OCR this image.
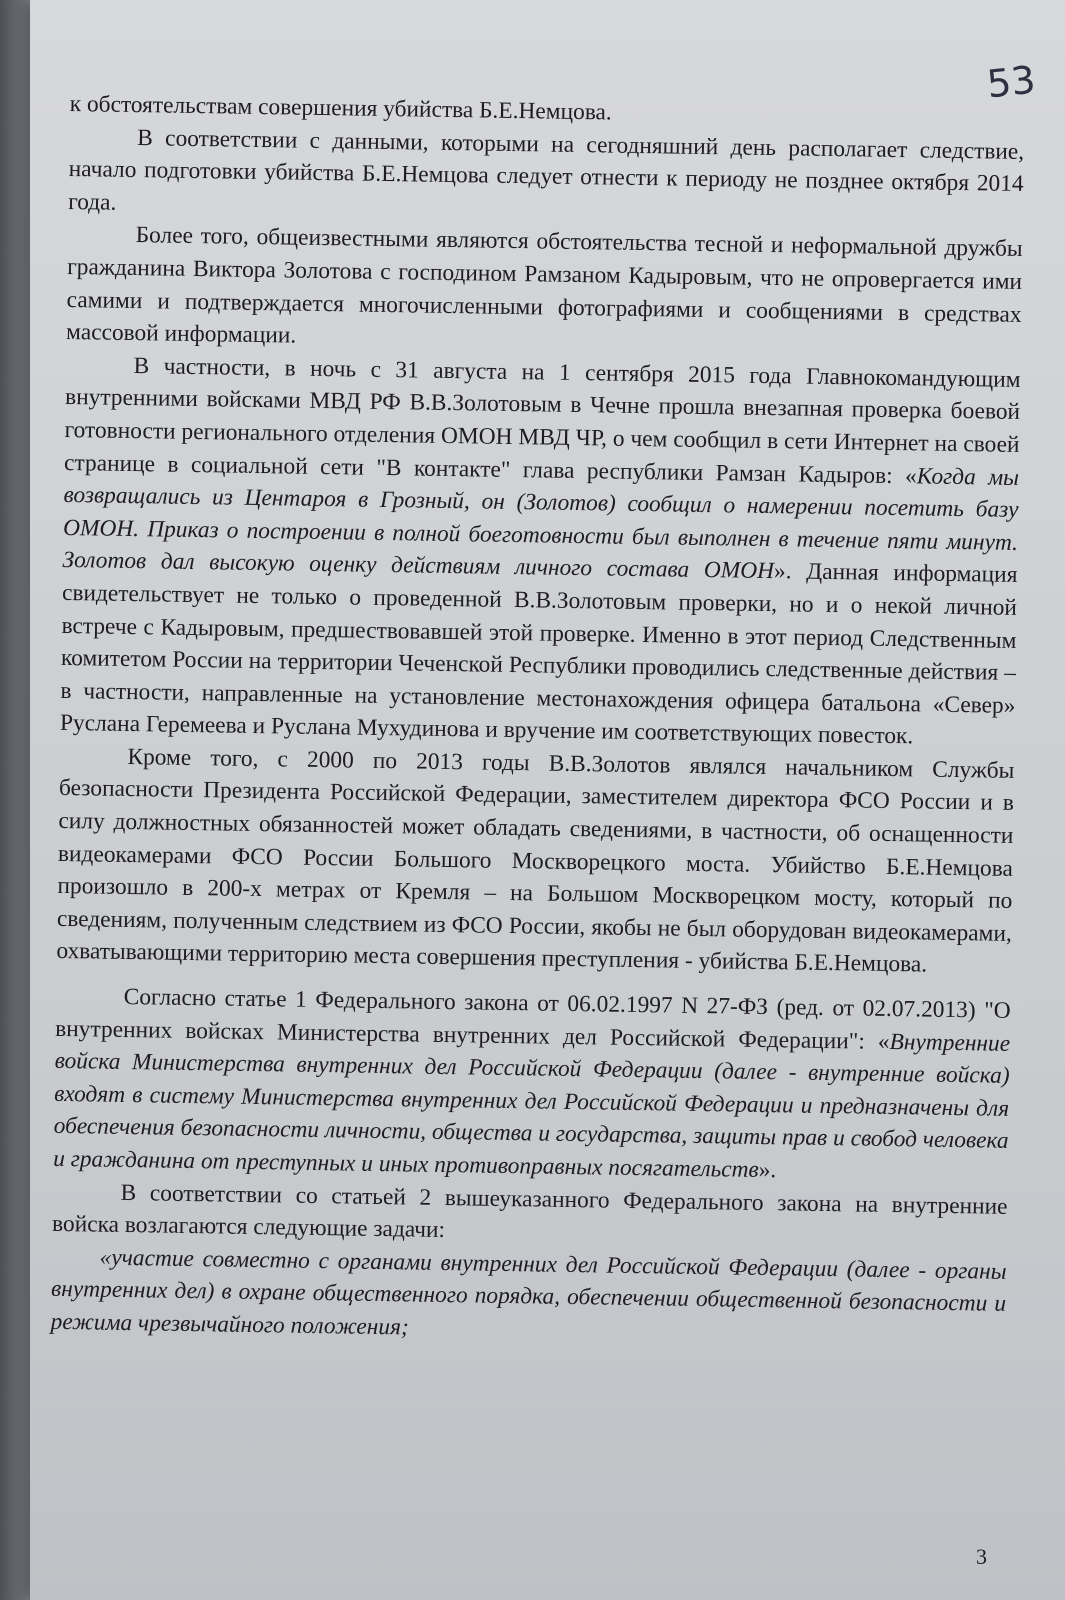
53

к обстоятельствам совершения убийства Б.Е.Немцова.

В соответствии с данными, которыми на сегодняшний день располагает следствие, начало подготовки убийства Б.Е.Немцова следует отнести к периоду не позднее октября 2014 года.

Более того, общеизвестными являются обстоятельства тесной и неформальной дружбы гражданина Виктора Золотова с господином Рамзаном Кадыровым, что не опровергается ими самими и подтверждается многочисленными фотографиями и сообщениями в средствах массовой информации.

В частности, в ночь с 31 августа на 1 сентября 2015 года Главнокомандующим внутренними войсками МВД РФ В.В.Золотовым в Чечне прошла внезапная проверка боевой готовности регионального отделения ОМОН МВД ЧР, о чем сообщил в сети Интернет на своей странице в социальной сети "В контакте" глава республики Рамзан Кадыров: «Когда мы возвращались из Центароя в Грозный, он (Золотов) сообщил о намерении посетить базу ОМОН. Приказ о построении в полной боеготовности был выполнен в течение пяти минут. Золотов дал высокую оценку действиям личного состава ОМОН». Данная информация свидетельствует не только о проведенной В.В.Золотовым проверки, но и о некой личной встрече с Кадыровым, предшествовавшей этой проверке. Именно в этот период Следственным комитетом России на территории Чеченской Республики проводились следственные действия – в частности, направленные на установление местонахождения офицера батальона «Север» Руслана Геремеева и Руслана Мухудинова и вручение им соответствующих повесток.

Кроме того, с 2000 по 2013 годы В.В.Золотов являлся начальником Службы безопасности Президента Российской Федерации, заместителем директора ФСО России и в силу должностных обязанностей может обладать сведениями, в частности, об оснащенности видеокамерами ФСО России Большого Москворецкого моста. Убийство Б.Е.Немцова произошло в 200-х метрах от Кремля – на Большом Москворецком мосту, который по сведениям, полученным следствием из ФСО России, якобы не был оборудован видеокамерами, охватывающими территорию места совершения преступления - убийства Б.Е.Немцова.

Согласно статье 1 Федерального закона от 06.02.1997 N 27-ФЗ (ред. от 02.07.2013) "О внутренних войсках Министерства внутренних дел Российской Федерации": «Внутренние войска Министерства внутренних дел Российской Федерации (далее - внутренние войска) входят в систему Министерства внутренних дел Российской Федерации и предназначены для обеспечения безопасности личности, общества и государства, защиты прав и свобод человека и гражданина от преступных и иных противоправных посягательств».

В соответствии со статьей 2 вышеуказанного Федерального закона на внутренние войска возлагаются следующие задачи:

«участие совместно с органами внутренних дел Российской Федерации (далее - органы внутренних дел) в охране общественного порядка, обеспечении общественной безопасности и режима чрезвычайного положения;

3
